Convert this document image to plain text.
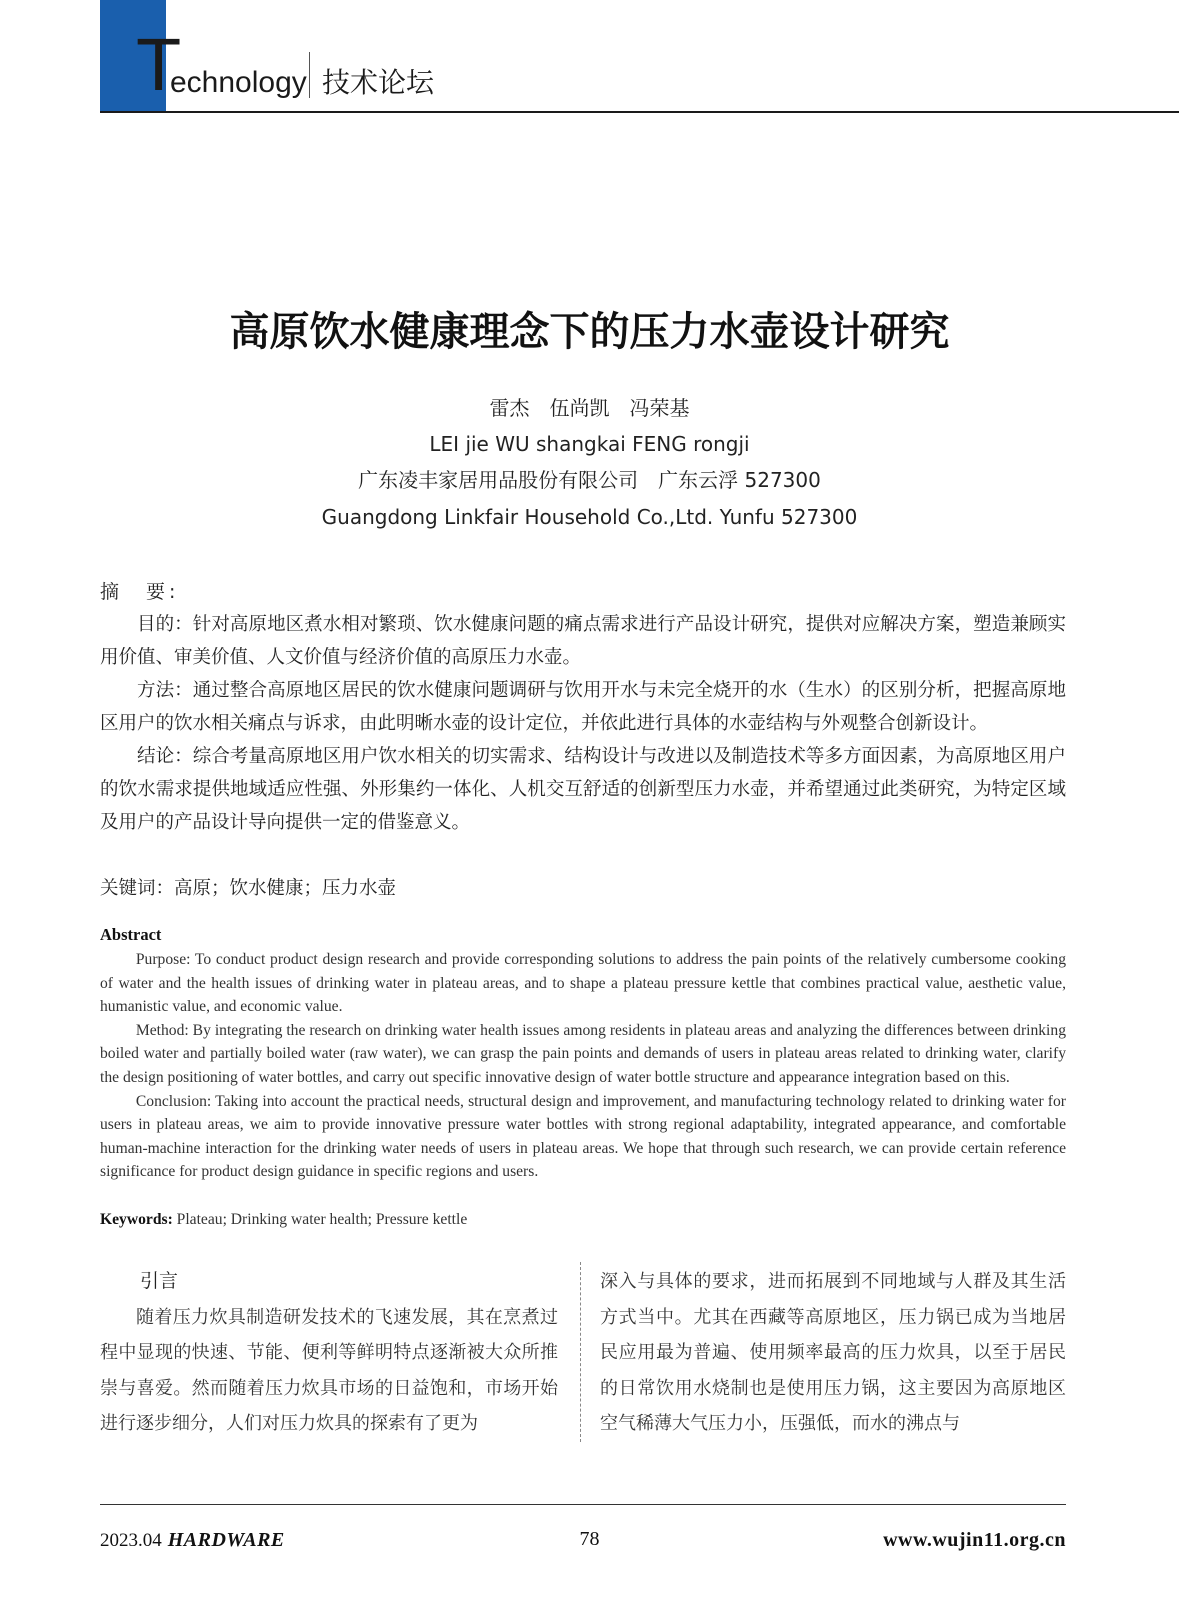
T
echnology 技术论坛
高原饮水健康理念下的压力水壶设计研究
雷杰　伍尚凯　冯荣基
LEI jie WU shangkai FENG rongji
广东凌丰家居用品股份有限公司　广东云浮 527300
Guangdong Linkfair Household Co.,Ltd. Yunfu 527300
摘　要:

目的：针对高原地区煮水相对繁琐、饮水健康问题的痛点需求进行产品设计研究，提供对应解决方案，塑造兼顾实用价值、审美价值、人文价值与经济价值的高原压力水壶。

方法：通过整合高原地区居民的饮水健康问题调研与饮用开水与未完全烧开的水（生水）的区别分析，把握高原地区用户的饮水相关痛点与诉求，由此明晰水壶的设计定位，并依此进行具体的水壶结构与外观整合创新设计。

结论：综合考量高原地区用户饮水相关的切实需求、结构设计与改进以及制造技术等多方面因素，为高原地区用户的饮水需求提供地域适应性强、外形集约一体化、人机交互舒适的创新型压力水壶，并希望通过此类研究，为特定区域及用户的产品设计导向提供一定的借鉴意义。

关键词：高原；饮水健康；压力水壶
Abstract

Purpose: To conduct product design research and provide corresponding solutions to address the pain points of the relatively cumbersome cooking of water and the health issues of drinking water in plateau areas, and to shape a plateau pressure kettle that combines practical value, aesthetic value, humanistic value, and economic value.

Method: By integrating the research on drinking water health issues among residents in plateau areas and analyzing the differences between drinking boiled water and partially boiled water (raw water), we can grasp the pain points and demands of users in plateau areas related to drinking water, clarify the design positioning of water bottles, and carry out specific innovative design of water bottle structure and appearance integration based on this.

Conclusion: Taking into account the practical needs, structural design and improvement, and manufacturing technology related to drinking water for users in plateau areas, we aim to provide innovative pressure water bottles with strong regional adaptability, integrated appearance, and comfortable human-machine interaction for the drinking water needs of users in plateau areas. We hope that through such research, we can provide certain reference significance for product design guidance in specific regions and users.

Keywords: Plateau; Drinking water health; Pressure kettle
引言

随着压力炊具制造研发技术的飞速发展，其在烹煮过程中显现的快速、节能、便利等鲜明特点逐渐被大众所推崇与喜爱。然而随着压力炊具市场的日益饱和，市场开始进行逐步细分，人们对压力炊具的探索有了更为

深入与具体的要求，进而拓展到不同地域与人群及其生活方式当中。尤其在西藏等高原地区，压力锅已成为当地居民应用最为普遍、使用频率最高的压力炊具，以至于居民的日常饮用水烧制也是使用压力锅，这主要因为高原地区空气稀薄大气压力小，压强低，而水的沸点与

2023.04 HARDWARE	78	www.wujin11.org.cn
